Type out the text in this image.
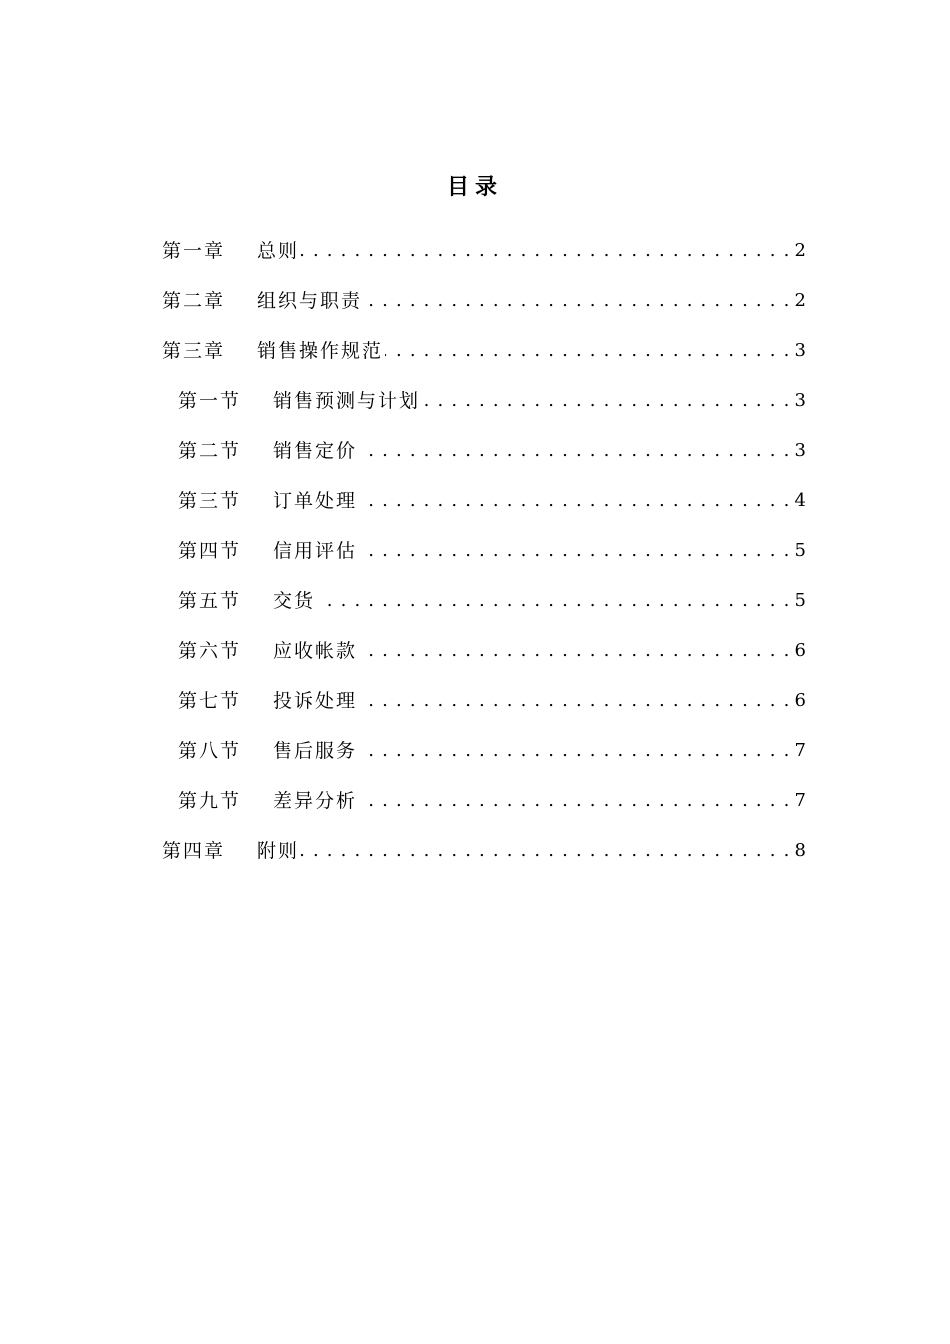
目录
第一章	总则 . . .	2
第二章	组织与职责 . . .	2
第三章	销售操作规范 . . .	3
第一节	销售预测与计划 . . .	3
第二节	销售定价 . . .	3
第三节	订单处理 . . .	4
第四节	信用评估 . . .	5
第五节	交货 . . .	5
第六节	应收帐款 . . .	6
第七节	投诉处理 . . .	6
第八节	售后服务 . . .	7
第九节	差异分析 . . .	7
第四章	附则 . . .	8
